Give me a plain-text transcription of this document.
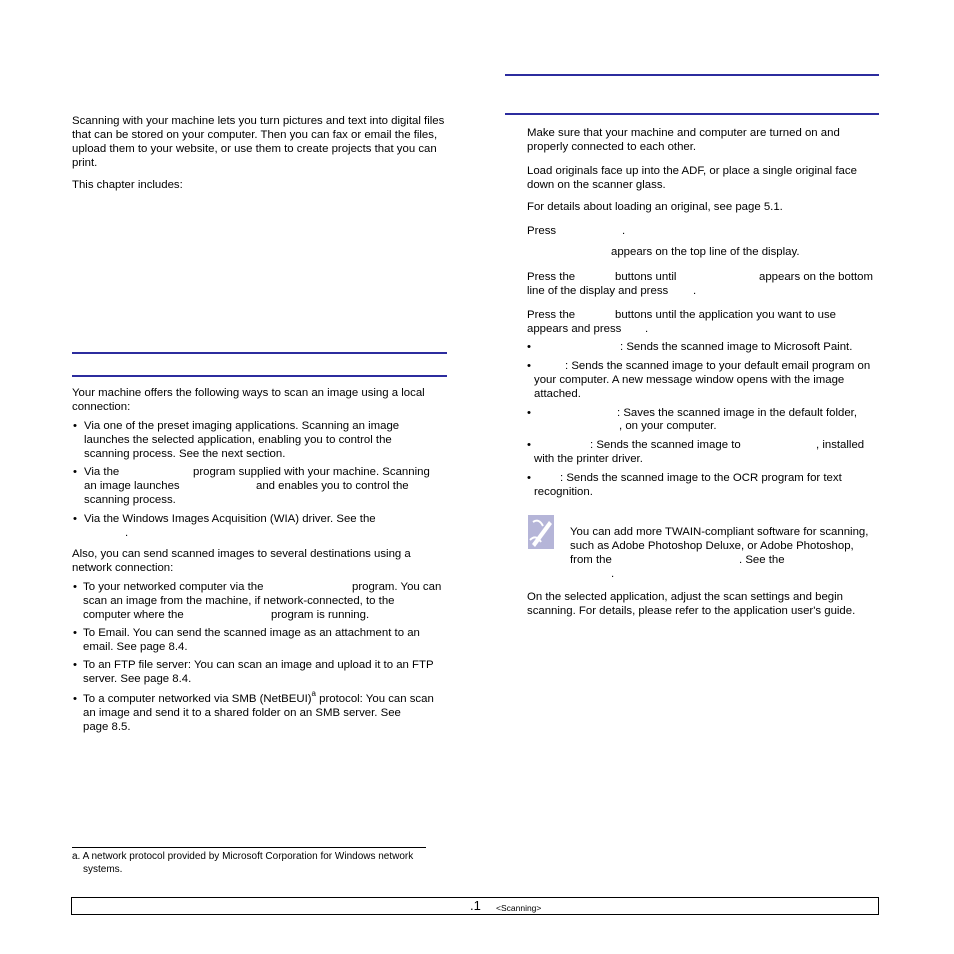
Scanning with your machine lets you turn pictures and text into digital files
that can be stored on your computer. Then you can fax or email the files,
upload them to your website, or use them to create projects that you can
print.
This chapter includes:
Your machine offers the following ways to scan an image using a local
connection:
• Via one of the preset imaging applications. Scanning an image
launches the selected application, enabling you to control the
scanning process. See the next section.
• Via the	program supplied with your machine. Scanning
an image launches	and enables you to control the
scanning process.
• Via the Windows Images Acquisition (WIA) driver. See the
.
Also, you can send scanned images to several destinations using a
network connection:
• To your networked computer via the	program. You can
scan an image from the machine, if network-connected, to the
computer where the	program is running.
• To Email. You can send the scanned image as an attachment to an
email. See page 8.4.
• To an FTP file server: You can scan an image and upload it to an FTP
server. See page 8.4.
• To a computer networked via SMB (NetBEUI)$^a$ protocol: You can scan
an image and send it to a shared folder on an SMB server. See
page 8.5.
a. A network protocol provided by Microsoft Corporation for Windows network
systems.
Make sure that your machine and computer are turned on and
properly connected to each other.
Load originals face up into the ADF, or place a single original face
down on the scanner glass.
For details about loading an original, see page 5.1.
Press	.
appears on the top line of the display.
Press the	buttons until	appears on the bottom
line of the display and press .
Press the	buttons until the application you want to use
appears and press .
•	: Sends the scanned image to Microsoft Paint.
•	: Sends the scanned image to your default email program on
your computer. A new message window opens with the image
attached.
•	: Saves the scanned image in the default folder,
, on your computer.
•	: Sends the scanned image to	, installed
with the printer driver.
•	: Sends the scanned image to the OCR program for text
recognition.
You can add more TWAIN-compliant software for scanning,
such as Adobe Photoshop Deluxe, or Adobe Photoshop,
from the	. See the
.
On the selected application, adjust the scan settings and begin
scanning. For details, please refer to the application user's guide.
.1 <Scanning>
